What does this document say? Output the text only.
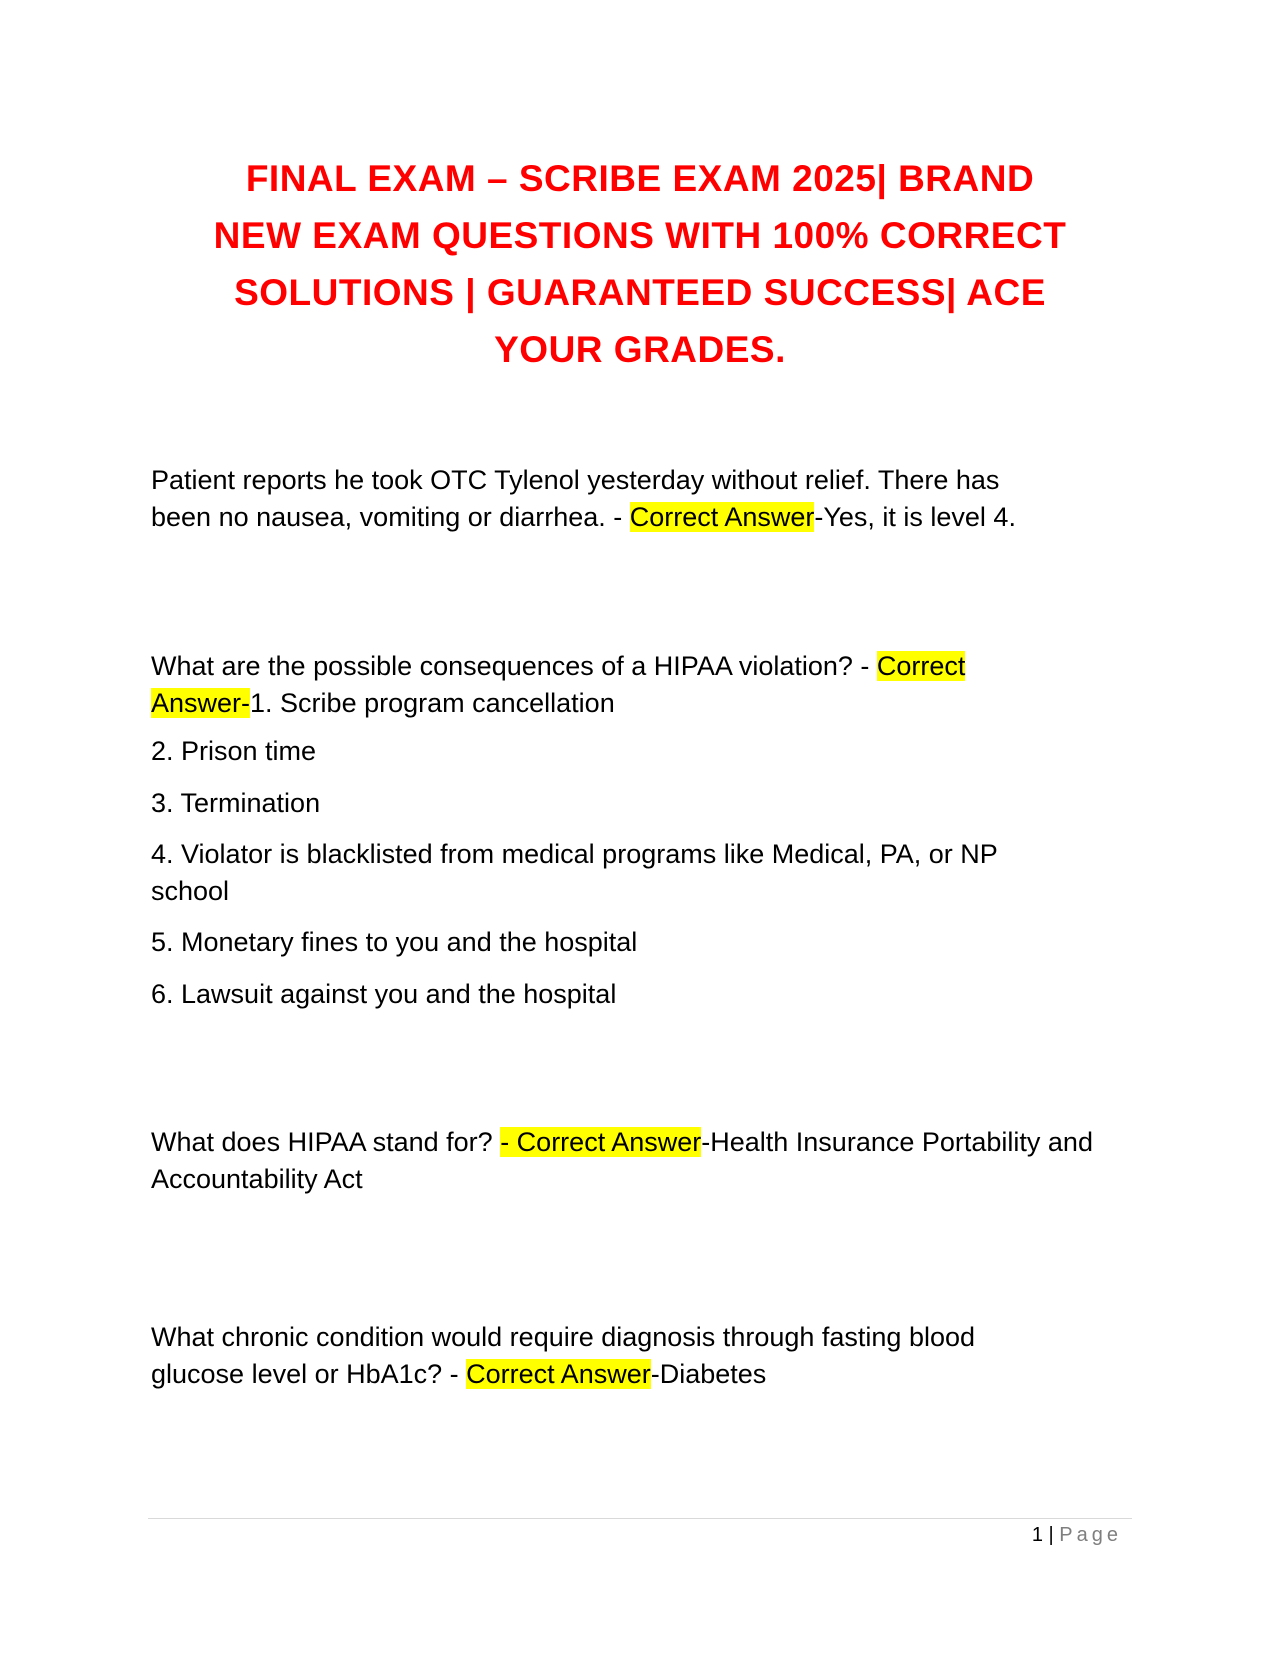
FINAL EXAM – SCRIBE EXAM 2025| BRAND
NEW EXAM QUESTIONS WITH 100% CORRECT
SOLUTIONS | GUARANTEED SUCCESS| ACE
YOUR GRADES.
Patient reports he took OTC Tylenol yesterday without relief. There has
been no nausea, vomiting or diarrhea. - Correct Answer-Yes, it is level 4.
What are the possible consequences of a HIPAA violation? - Correct
Answer-1. Scribe program cancellation
2. Prison time
3. Termination
4. Violator is blacklisted from medical programs like Medical, PA, or NP school
5. Monetary fines to you and the hospital
6. Lawsuit against you and the hospital
What does HIPAA stand for? - Correct Answer-Health Insurance Portability and Accountability Act
What chronic condition would require diagnosis through fasting blood
glucose level or HbA1c? - Correct Answer-Diabetes
1 | Page
